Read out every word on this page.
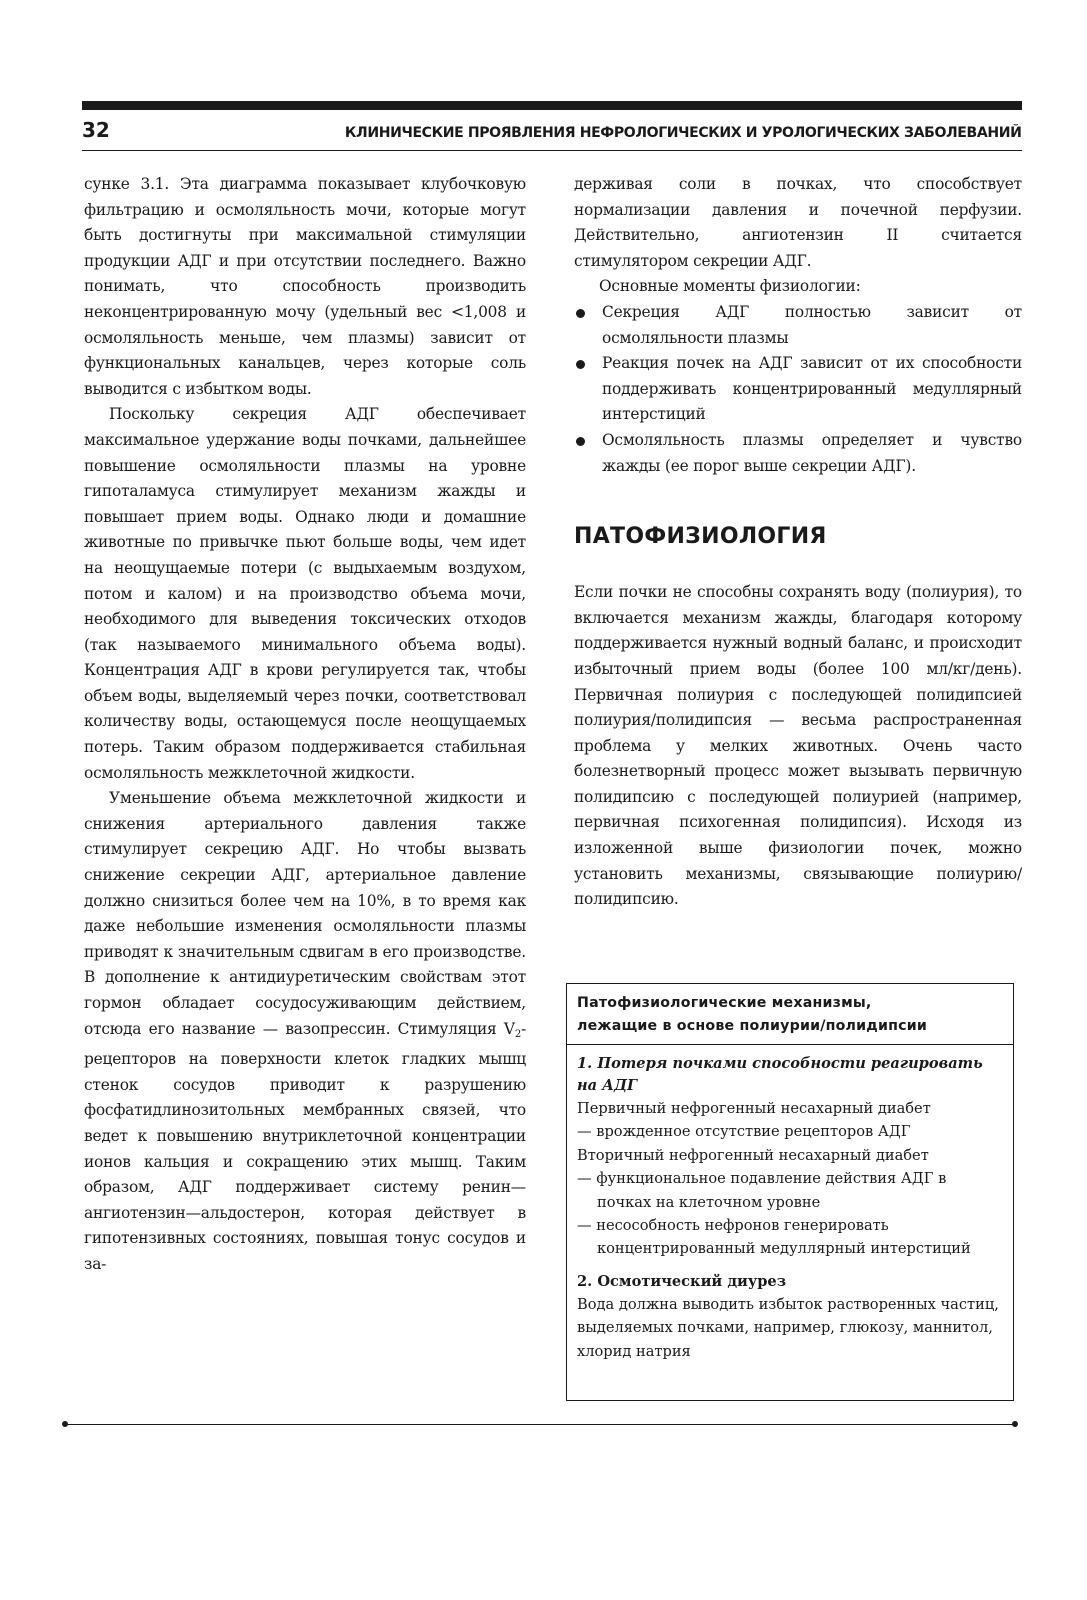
32	КЛИНИЧЕСКИЕ ПРОЯВЛЕНИЯ НЕФРОЛОГИЧЕСКИХ И УРОЛОГИЧЕСКИХ ЗАБОЛЕВАНИЙ

сунке 3.1. Эта диаграмма показывает клубочковую фильтрацию и осмоляльность мочи, которые могут быть достигнуты при максимальной стимуляции продукции АДГ и при отсутствии последнего. Важно понимать, что способность производить неконцентрированную мочу (удельный вес <1,008 и осмоляльность меньше, чем плазмы) зависит от функциональных канальцев, через которые соль выводится с избытком воды.

Поскольку секреция АДГ обеспечивает максимальное удержание воды почками, дальнейшее повышение осмоляльности плазмы на уровне гипоталамуса стимулирует механизм жажды и повышает прием воды. Однако люди и домашние животные по привычке пьют больше воды, чем идет на неощущаемые потери (с выдыхаемым воздухом, потом и калом) и на производство объема мочи, необходимого для выведения токсических отходов (так называемого минимального объема воды). Концентрация АДГ в крови регулируется так, чтобы объем воды, выделяемый через почки, соответствовал количеству воды, остающемуся после неощущаемых потерь. Таким образом поддерживается стабильная осмоляльность межклеточной жидкости.

Уменьшение объема межклеточной жидкости и снижения артериального давления также стимулирует секрецию АДГ. Но чтобы вызвать снижение секреции АДГ, артериальное давление должно снизиться более чем на 10%, в то время как даже небольшие изменения осмоляльности плазмы приводят к значительным сдвигам в его производстве. В дополнение к антидиуретическим свойствам этот гормон обладает сосудосуживающим действием, отсюда его название — вазопрессин. Стимуляция $V_2$-рецепторов на поверхности клеток гладких мышц стенок сосудов приводит к разрушению фосфатидлинозитольных мембранных связей, что ведет к повышению внутриклеточной концентрации ионов кальция и сокращению этих мышц. Таким образом, АДГ поддерживает систему ренин—ангиотензин—альдостерон, которая действует в гипотензивных состояниях, повышая тонус сосудов и за-

держивая соли в почках, что способствует нормализации давления и почечной перфузии. Действительно, ангиотензин II считается стимулятором секреции АДГ.

Основные моменты физиологии:

Секреция АДГ полностью зависит от осмоляльности плазмы
Реакция почек на АДГ зависит от их способности поддерживать концентрированный медуллярный интерстиций
Осмоляльность плазмы определяет и чувство жажды (ее порог выше секреции АДГ).
ПАТОФИЗИОЛОГИЯ

Если почки не способны сохранять воду (полиурия), то включается механизм жажды, благодаря которому поддерживается нужный водный баланс, и происходит избыточный прием воды (более 100 мл/кг/день). Первичная полиурия с последующей полидипсией полиурия/полидипсия — весьма распространенная проблема у мелких животных. Очень часто болезнетворный процесс может вызывать первичную полидипсию с последующей полиурией (например, первичная психогенная полидипсия). Исходя из изложенной выше физиологии почек, можно установить механизмы, связывающие полиурию/полидипсию.

Патофизиологические механизмы,
лежащие в основе полиурии/полидипсии
1. Потеря почками способности реагировать на АДГ
Первичный нефрогенный несахарный диабет
— врожденное отсутствие рецепторов АДГ
Вторичный нефрогенный несахарный диабет
— функциональное подавление действия АДГ в почках на клеточном уровне
— несособность нефронов генерировать концентрированный медуллярный интерстиций
2. Осмотический диурез
Вода должна выводить избыток растворенных частиц, выделяемых почками, например, глюкозу, маннитол, хлорид натрия
